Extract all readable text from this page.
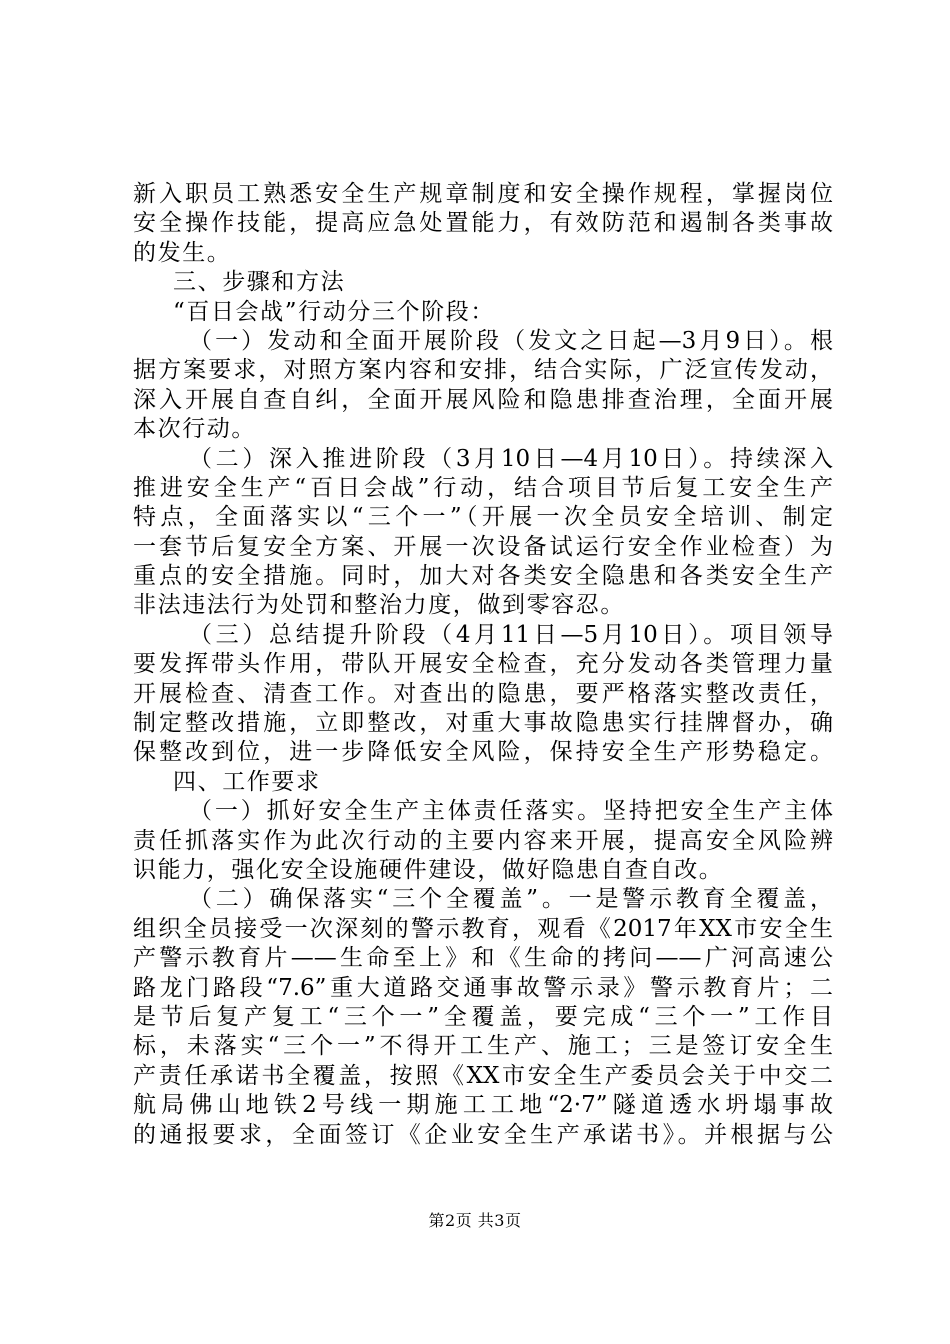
新入职员工熟悉安全生产规章制度和安全操作规程，掌握岗位
安全操作技能，提高应急处置能力，有效防范和遏制各类事故
的发生。
三、步骤和方法
“百日会战”行动分三个阶段：
（一）发动和全面开展阶段（发文之日起—3月9日）。根
据方案要求，对照方案内容和安排，结合实际，广泛宣传发动，
深入开展自查自纠，全面开展风险和隐患排查治理，全面开展
本次行动。
（二）深入推进阶段（3月10日—4月10日）。持续深入
推进安全生产“百日会战”行动，结合项目节后复工安全生产
特点，全面落实以“三个一”（开展一次全员安全培训、制定
一套节后复安全方案、开展一次设备试运行安全作业检查）为
重点的安全措施。同时，加大对各类安全隐患和各类安全生产
非法违法行为处罚和整治力度，做到零容忍。
（三）总结提升阶段（4月11日—5月10日）。项目领导
要发挥带头作用，带队开展安全检查，充分发动各类管理力量
开展检查、清查工作。对查出的隐患，要严格落实整改责任，
制定整改措施，立即整改，对重大事故隐患实行挂牌督办，确
保整改到位，进一步降低安全风险，保持安全生产形势稳定。
四、工作要求
（一）抓好安全生产主体责任落实。坚持把安全生产主体
责任抓落实作为此次行动的主要内容来开展，提高安全风险辨
识能力，强化安全设施硬件建设，做好隐患自查自改。
（二）确保落实“三个全覆盖”。一是警示教育全覆盖，
组织全员接受一次深刻的警示教育，观看《2017年XX市安全生
产警示教育片——生命至上》和《生命的拷问——广河高速公
路龙门路段“7.6”重大道路交通事故警示录》警示教育片；二
是节后复产复工“三个一”全覆盖，要完成“三个一”工作目
标，未落实“三个一”不得开工生产、施工；三是签订安全生
产责任承诺书全覆盖，按照《XX市安全生产委员会关于中交二
航局佛山地铁2号线一期施工工地“2·7”隧道透水坍塌事故
的通报要求，全面签订《企业安全生产承诺书》。并根据与公
第2页 共3页
